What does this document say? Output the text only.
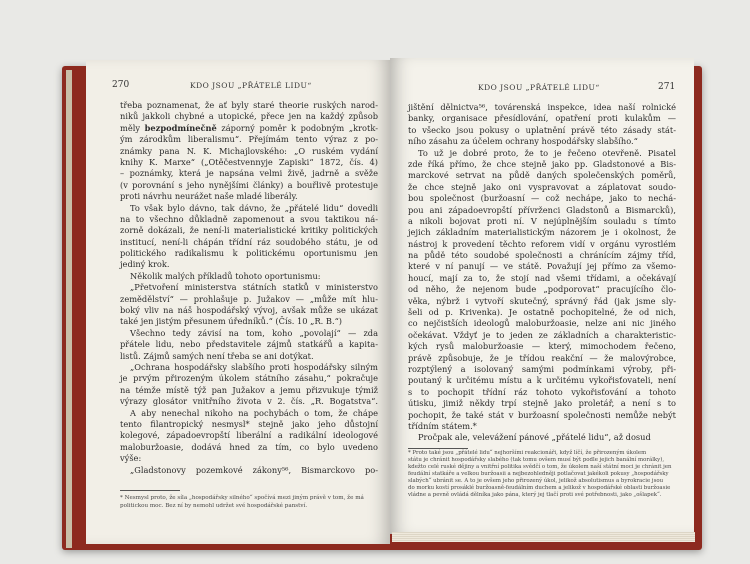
270	KDO JSOU „PŘÁTELÉ LIDU“
třeba poznamenat, že ať byly staré theorie ruských narod-
niků jakkoli chybné a utopické, přece jen na každý způsob
měly bezpodmínečně záporný poměr k podobným „krotk-
ým zárodkům liberalismu“. Přejímám tento výraz z po-
známky pana N. K. Michajlovského: „O ruském vydání
knihy K. Marxe“ („Otěčestvennyje Zapiski“ 1872, čís. 4)
– poznámky, která je napsána velmi živě, jadrně a svěže
(v porovnání s jeho nynějšími články) a bouřlivě protestuje
proti návrhu neurážet naše mladé liberály.
To však bylo dávno, tak dávno, že „přátelé lidu“ dovedli
na to všechno důkladně zapomenout a svou taktikou ná-
zorně dokázali, že není-li materialistické kritiky politických
institucí, není-li chápán třídní ráz soudobého státu, je od
politického radikalismu k politickému oportunismu jen
jediný krok.
Několik malých příkladů tohoto oportunismu:
„Přetvoření ministerstva státních statků v ministerstvo
zemědělství“ — prohlašuje p. Južakov — „může mít hlu-
boký vliv na náš hospodářský vývoj, avšak může se ukázat
také jen jistým přesunem úředníků.“ (Čís. 10 „R. B.“)
Všechno tedy závisí na tom, koho „povolají“ — zda
přátele lidu, nebo představitele zájmů statkářů a kapita-
listů. Zájmů samých není třeba se ani dotýkat.
„Ochrana hospodářsky slabšího proti hospodářsky silným
je prvým přirozeným úkolem státního zásahu,“ pokračuje
na témže místě týž pan Južakov a jemu přizvukuje týmiž
výrazy glosátor vnitřního života v 2. čís. „R. Bogatstva“.
A aby nenechal nikoho na pochybách o tom, že chápe
tento filantropický nesmysl* stejně jako jeho důstojní
kolegové, západoevropští liberální a radikální ideologové
maloburžoasie, dodává hned za tím, co bylo uvedeno
výše:
„Gladstonovy pozemkové zákony⁵⁶, Bismarckovo po-
* Nesmysl proto, že síla „hospodářsky silného“ spočívá mezi jiným právě v tom, že má politickou moc. Bez ní by nemohl udržet své hospodářské panství.
KDO JSOU „PŘÁTELÉ LIDU“	271
jištění dělnictva⁵⁶, továrenská inspekce, idea naší rolnické
banky, organisace přesídlování, opatření proti kulakům —
to všecko jsou pokusy o uplatnění právě této zásady stát-
ního zásahu za účelem ochrany hospodářsky slabšího.“
To už je dobré proto, že to je řečeno otevřeně. Pisatel
zde říká přímo, že chce stejně jako pp. Gladstonové a Bis-
marckové setrvat na půdě daných společenských poměrů,
že chce stejně jako oni vyspravovat a záplatovat soudo-
bou společnost (buržoasní — což nechápe, jako to nechá-
pou ani západoevropští přívrženci Gladstonů a Bismarcků),
a nikoli bojovat proti ní. V nejúplnějším souladu s tímto
jejich základním materialistickým názorem je i okolnost, že
nástroj k provedení těchto reforem vidí v orgánu vyrostlém
na půdě této soudobé společnosti a chránícím zájmy tříd,
které v ní panují — ve státě. Považují jej přímo za všemo-
houcí, mají za to, že stojí nad všemi třídami, a očekávají
od něho, že nejenom bude „podporovat“ pracujícího člo-
věka, nýbrž i vytvoří skutečný, správný řád (jak jsme sly-
šeli od p. Krivenka). Je ostatně pochopitelné, že od nich,
co nejčistších ideologů maloburžoasie, nelze ani nic jiného
očekávat. Vždyť je to jeden ze základních a charakteristic-
kých rysů maloburžoasie — který, mimochodem řečeno,
právě způsobuje, že je třídou reakční — že malovýrobce,
rozptýlený a isolovaný samými podmínkami výroby, při-
poutaný k určitému místu a k určitému vykořisťovateli, není
s to pochopit třídní ráz tohoto vykořisťování a tohoto
útisku, jimiž někdy trpí stejně jako proletář, a není s to
pochopit, že také stát v buržoasní společnosti nemůže nebýt
třídním státem.*
Pročpak ale, velevážení pánové „přátelé lidu“, až dosud
* Proto také jsou „přátelé lidu“ nejhoršími reakcionáři, když líčí, že přirozeným úkolem
státu je chránit hospodářsky slabého (tak tomu ovšem musí být podle jejich banální morálky),
kdežto celé ruské dějiny a vnitřní politika svědčí o tom, že úkolem naší státní moci je chránit jen
feudální statkáře a velkou buržoasii a nejbezohledněji potlačovat jakékoli pokusy „hospodářsky
slabých“ ubránit se. A to je ovšem jeho přirozený úkol, jelikož absolutismus a byrokracie jsou
do morku kostí prosáklé buržoasně-feudálním duchem a jelikož v hospodářské oblasti buržoasie
vládne a pevně ovládá dělníka jako pána, který jej tlačí proti své potřebnosti, jako „ošlapek“.
